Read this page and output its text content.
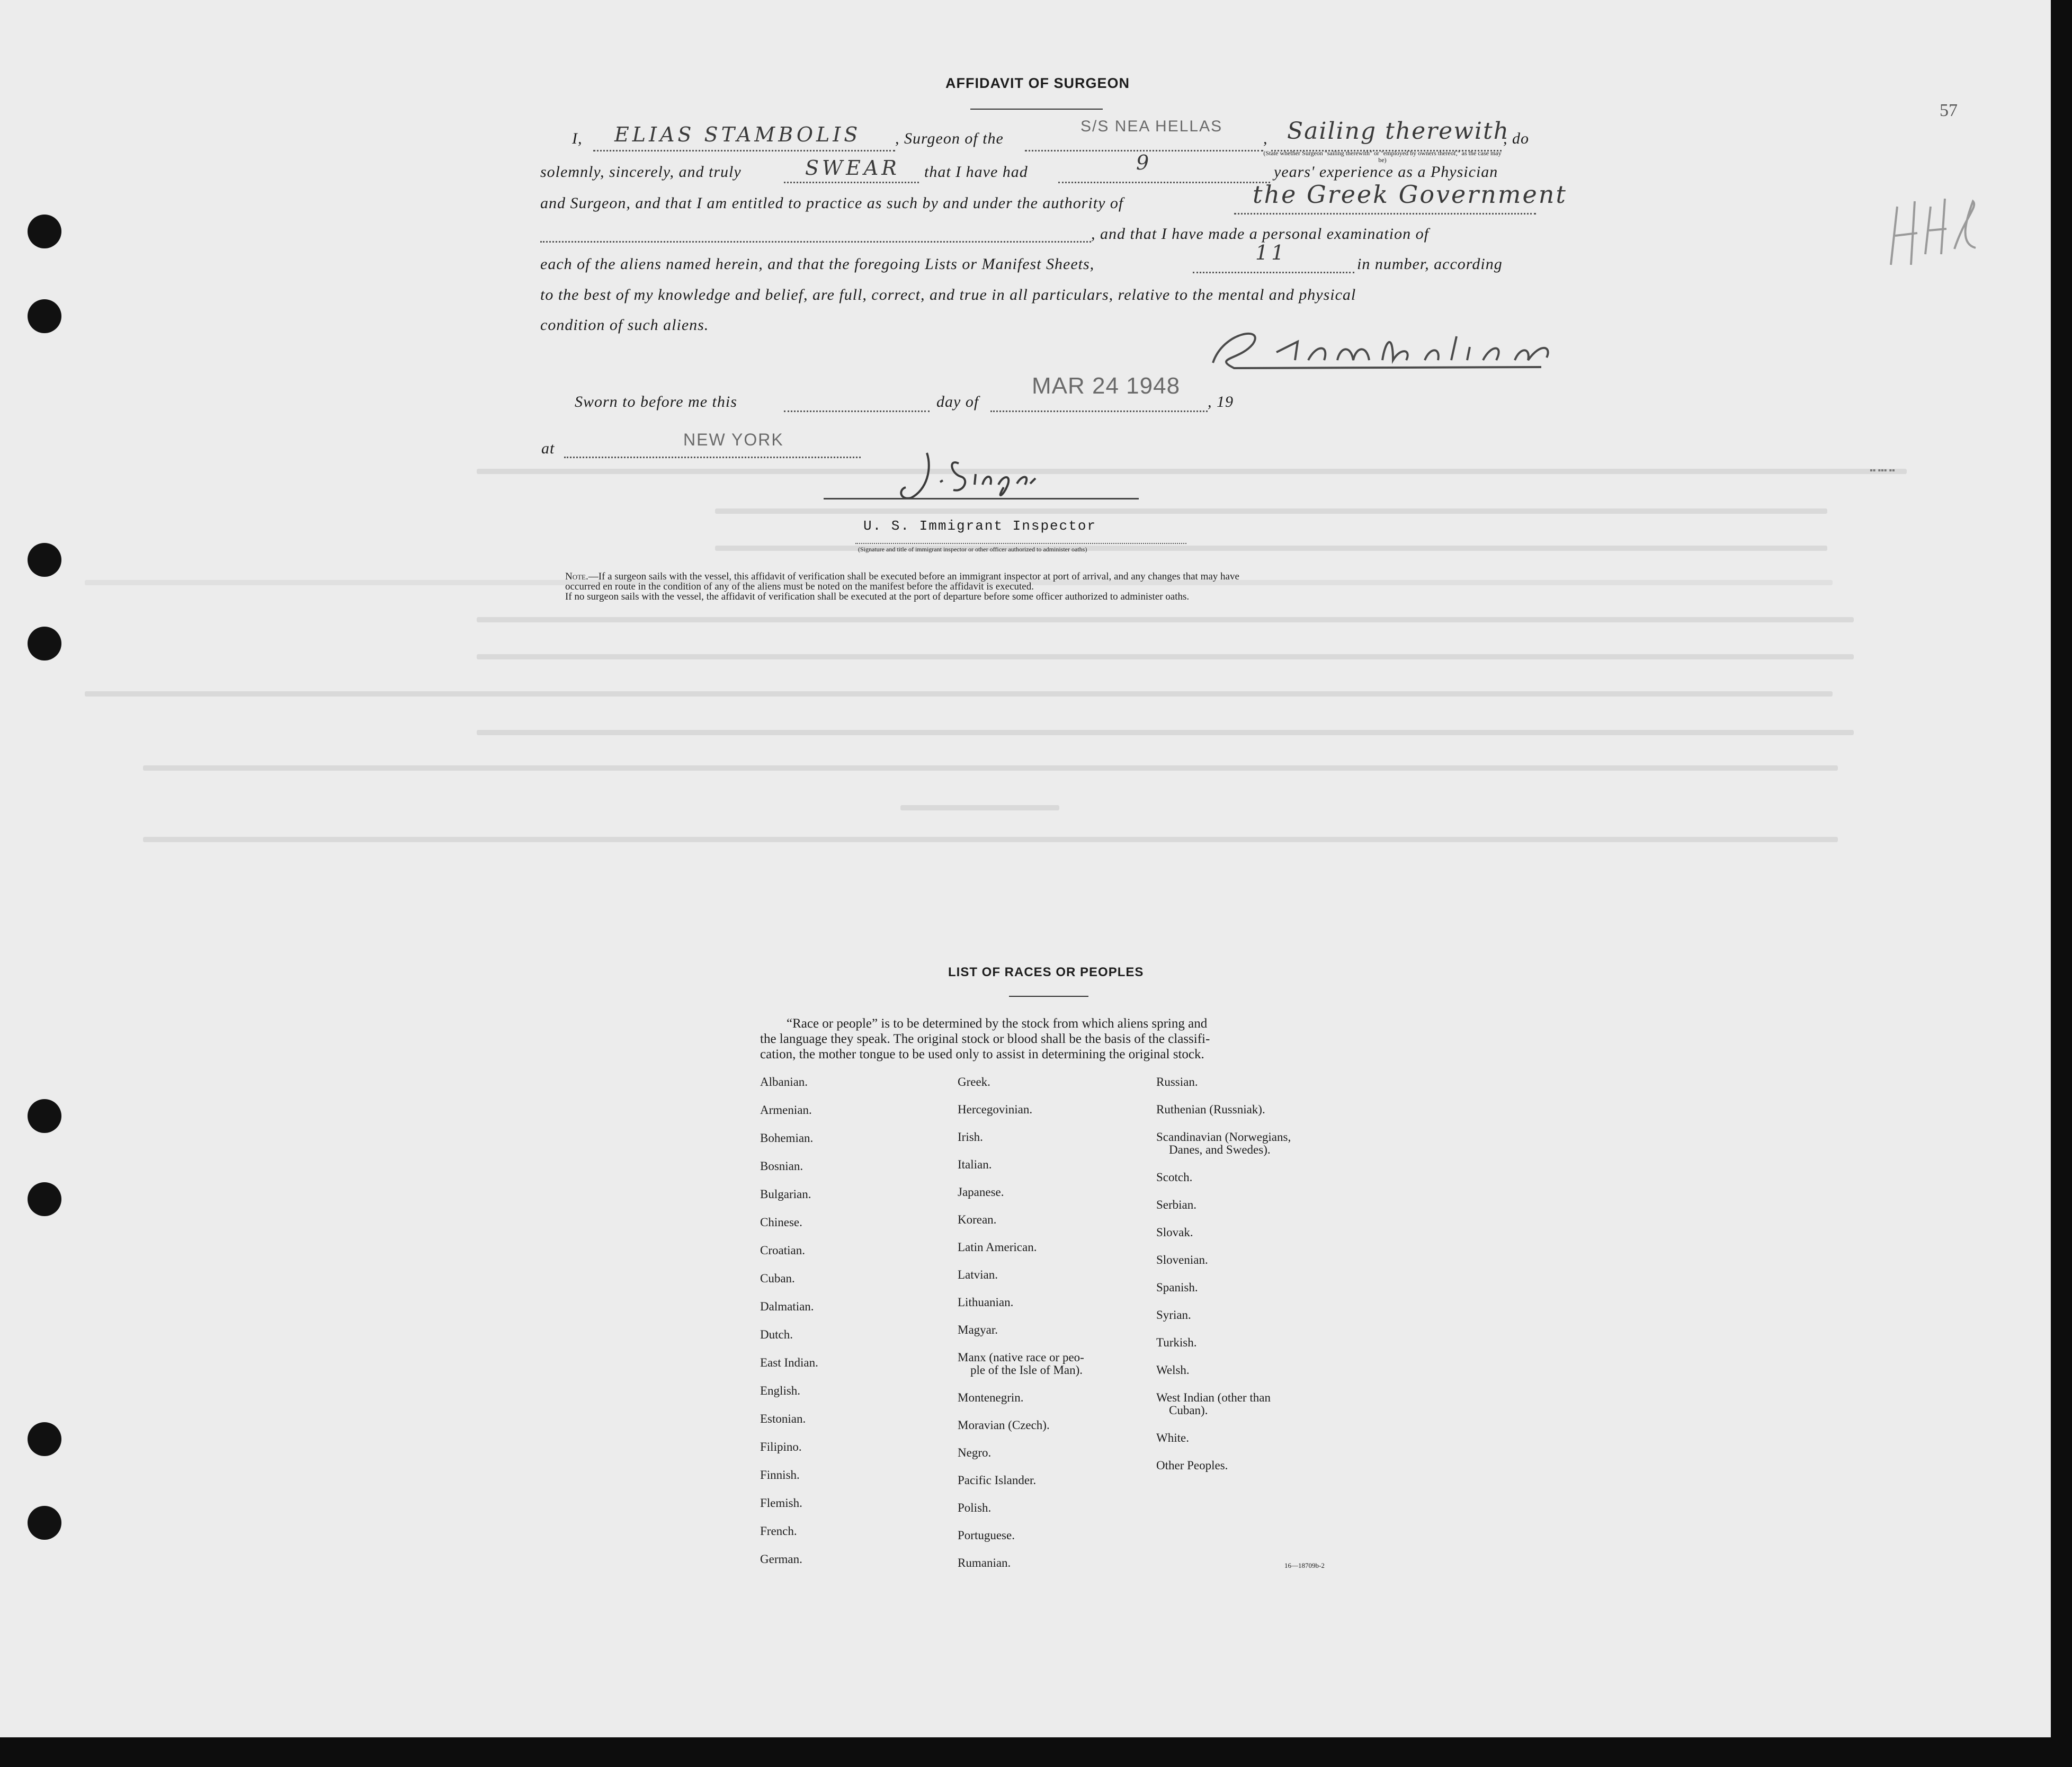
57
▪▪ ▪▪▪ ▪▪
AFFIDAVIT OF SURGEON
I, ELIAS STAMBOLIS , Surgeon of the
S/S NEA HELLAS
, Sailing therewith
, do
(State whether Surgeon "sailing therewith" or "employed by owners thereof," as the case may be)
solemnly, sincerely, and truly	SWEAR that I have had	9	years' experience as a Physician
and Surgeon, and that I am entitled to practice as such by and under the authority of	the Greek Government
, and that I have made a personal examination of
each of the aliens named herein, and that the foregoing Lists or Manifest Sheets,	11	in number, according
to the best of my knowledge and belief, are full, correct, and true in all particulars, relative to the mental and physical
condition of such aliens.
Sworn to before me this	day of
MAR 24 1948
, 19
at	NEW YORK
U. S. Immigrant Inspector
(Signature and title of immigrant inspector or other officer authorized to administer oaths)
Note.—If a surgeon sails with the vessel, this affidavit of verification shall be executed before an immigrant inspector at port of arrival, and any changes that may have
occurred en route in the condition of any of the aliens must be noted on the manifest before the affidavit is executed.
If no surgeon sails with the vessel, the affidavit of verification shall be executed at the port of departure before some officer authorized to administer oaths.
LIST OF RACES OR PEOPLES
“Race or people” is to be determined by the stock from which aliens spring and
the language they speak. The original stock or blood shall be the basis of the classifi-
cation, the mother tongue to be used only to assist in determining the original stock.
Albanian.
Armenian.
Bohemian.
Bosnian.
Bulgarian.
Chinese.
Croatian.
Cuban.
Dalmatian.
Dutch.
East Indian.
English.
Estonian.
Filipino.
Finnish.
Flemish.
French.
German.
Greek.
Hercegovinian.
Irish.
Italian.
Japanese.
Korean.
Latin American.
Latvian.
Lithuanian.
Magyar.
Manx (native race or peo-
ple of the Isle of Man).
Montenegrin.
Moravian (Czech).
Negro.
Pacific Islander.
Polish.
Portuguese.
Rumanian.
Russian.
Ruthenian (Russniak).
Scandinavian (Norwegians,
Danes, and Swedes).
Scotch.
Serbian.
Slovak.
Slovenian.
Spanish.
Syrian.
Turkish.
Welsh.
West Indian (other than
Cuban).
White.
Other Peoples.
16—18709b-2
